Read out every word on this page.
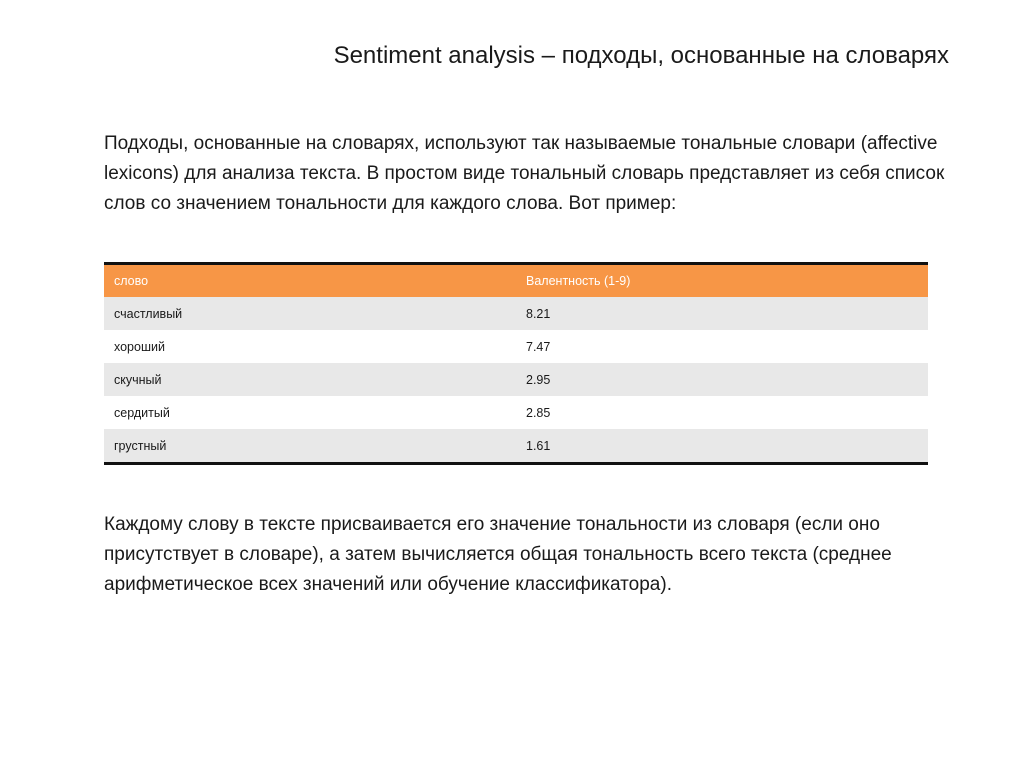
Sentiment analysis – подходы, основанные на словарях

Подходы, основанные на словарях, используют так называемые тональные словари (affective lexicons) для анализа текста. В простом виде тональный словарь представляет из себя список слов со значением тональности для каждого слова. Вот пример:

слово	Валентность (1-9)
счастливый	8.21
хороший	7.47
скучный	2.95
сердитый	2.85
грустный	1.61

Каждому слову в тексте присваивается его значение тональности из словаря (если оно присутствует в словаре), а затем вычисляется общая тональность всего текста (среднее арифметическое всех значений или обучение классификатора).
